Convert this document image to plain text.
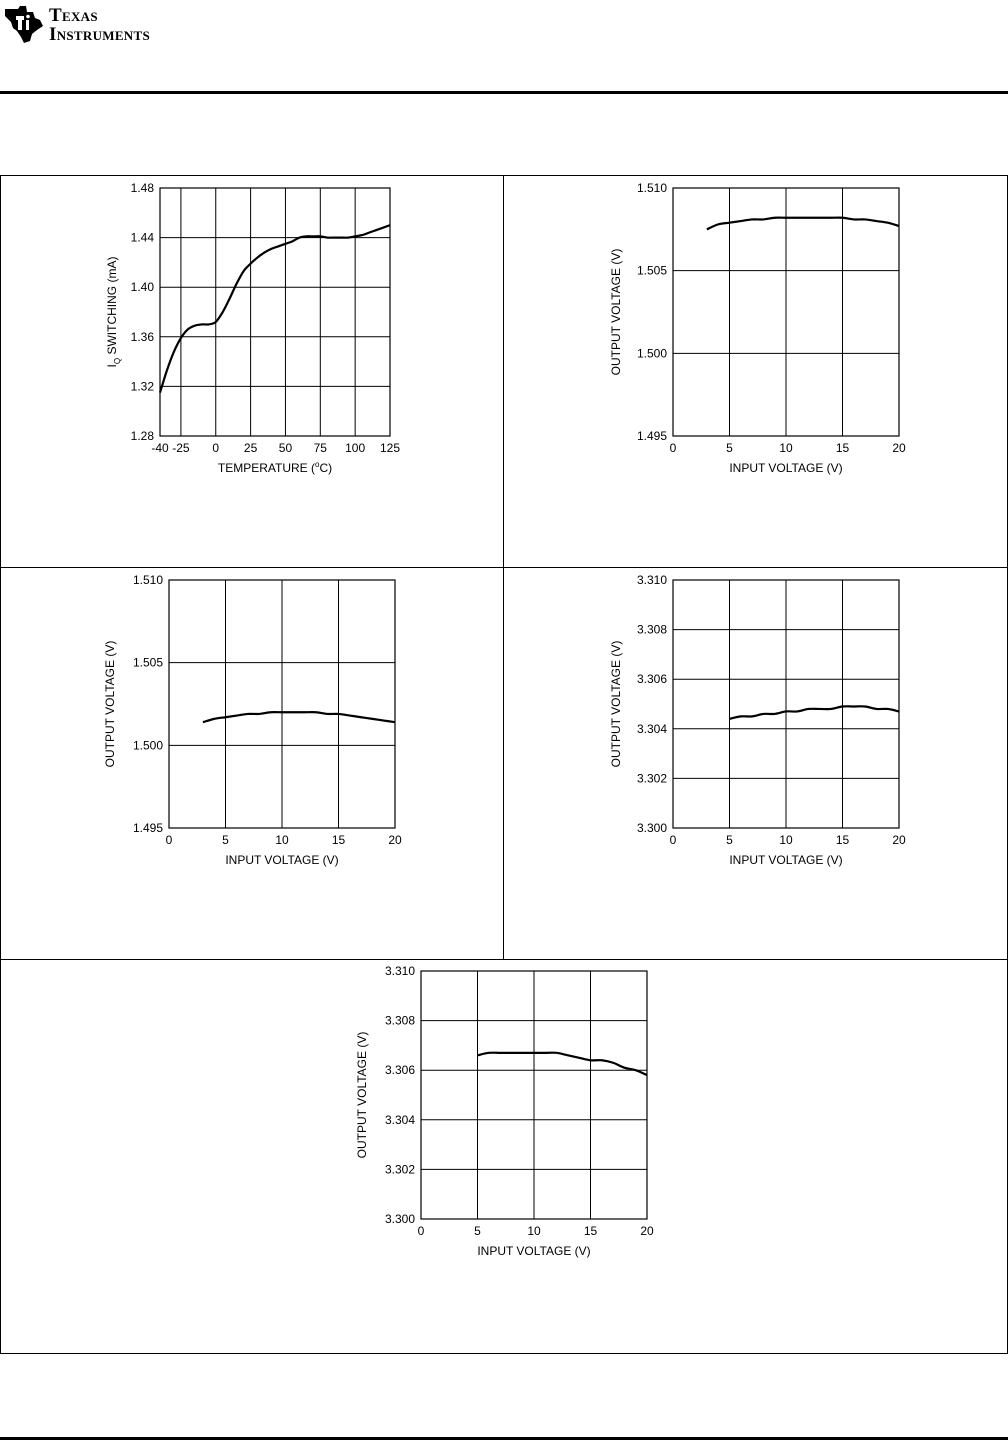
Texas
Instruments
-40 -25 0 25 50 75 100 125
1.28
1.32
1.36
1.40
1.44
1.48
$I_Q$ SWITCHING (mA)
TEMPERATURE ($^o$C)
0	5	10	15	20
1.495
1.500
1.505
1.510
OUTPUT VOLTAGE (V)
INPUT VOLTAGE (V)
0	5	10	15	20
1.495
1.500
1.505
1.510
OUTPUT VOLTAGE (V)
INPUT VOLTAGE (V)
0	5	10	15	20
3.300
3.302
3.304
3.306
3.308
3.310
OUTPUT VOLTAGE (V)
INPUT VOLTAGE (V)
0	5	10	15	20
3.300
3.302
3.304
3.306
3.308
3.310
OUTPUT VOLTAGE (V)
INPUT VOLTAGE (V)
